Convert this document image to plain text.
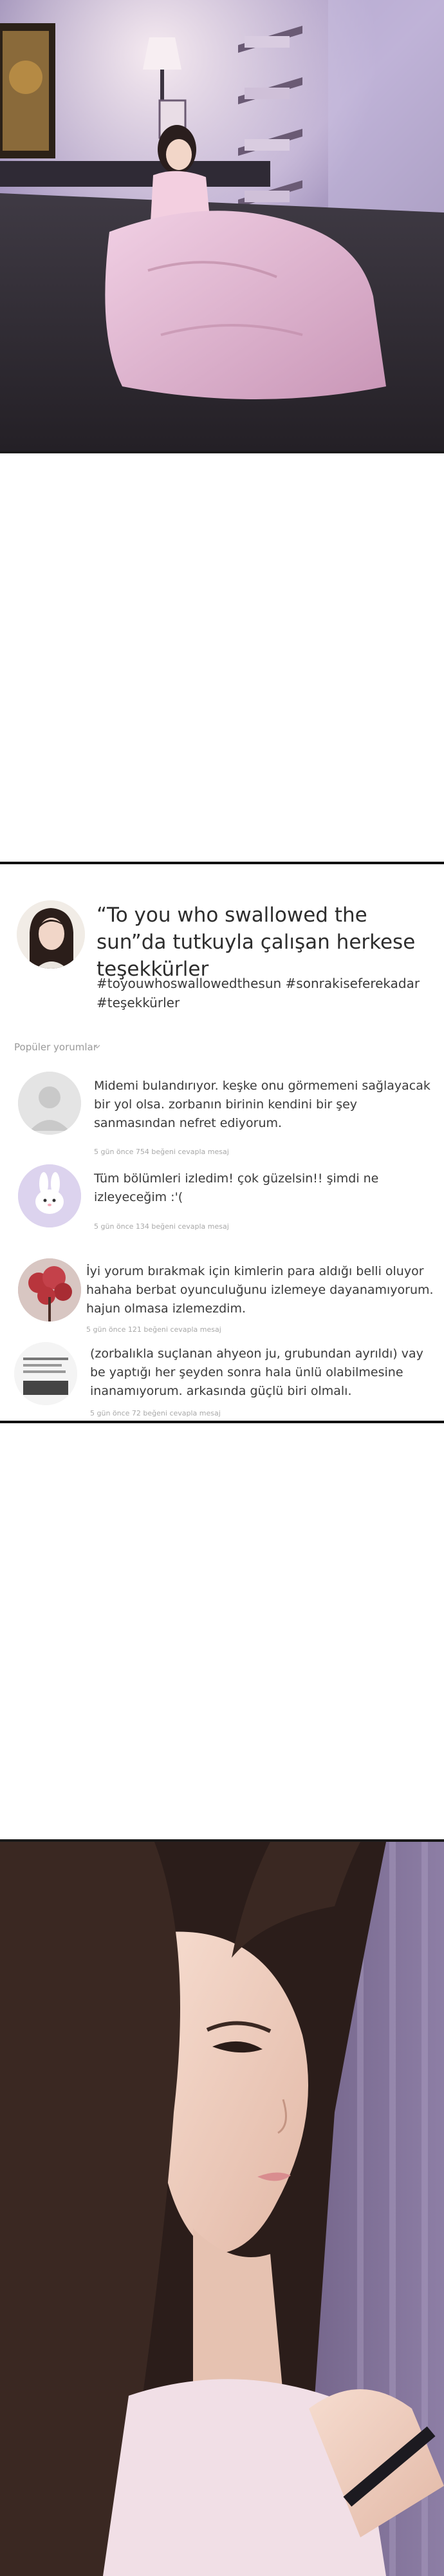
“To you who swallowed the sun”da tutkuyla çalışan herkese teşekkürler
#toyouwhoswallowedthesun #sonrakiseferekadar #teşekkürler
Popüler yorumlar
Midemi bulandırıyor. keşke onu görmemeni sağlayacak bir yol olsa. zorbanın birinin kendini bir şey sanmasından nefret ediyorum.
5 gün önce 754 beğeni cevapla mesaj
Tüm bölümleri izledim! çok güzelsin!! şimdi ne izleyeceğim :'(
5 gün önce 134 beğeni cevapla mesaj
İyi yorum bırakmak için kimlerin para aldığı belli oluyor hahaha berbat oyunculuğunu izlemeye dayanamıyorum. hajun olmasa izlemezdim.
5 gün önce 121 beğeni cevapla mesaj
(zorbalıkla suçlanan ahyeon ju, grubundan ayrıldı) vay be yaptığı her şeyden sonra hala ünlü olabilmesine inanamıyorum. arkasında güçlü biri olmalı.
5 gün önce 72 beğeni cevapla mesaj
